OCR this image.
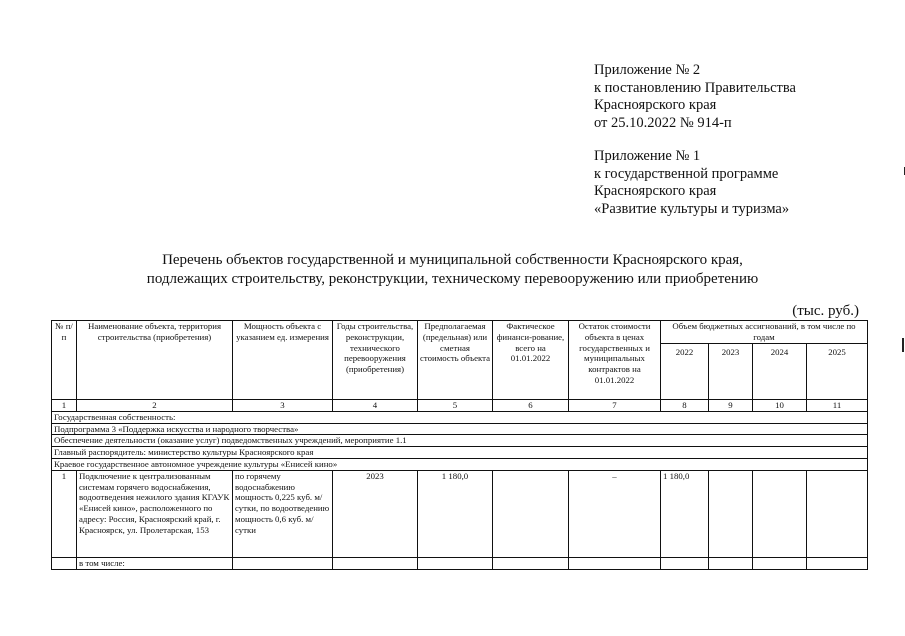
Приложение № 2
к постановлению Правительства
Красноярского края
от 25.10.2022 № 914-п
Приложение № 1
к государственной программе
Красноярского края
«Развитие культуры и туризма»
Перечень объектов государственной и муниципальной собственности Красноярского края,
подлежащих строительству, реконструкции, техническому перевооружению или приобретению
(тыс. руб.)
№ п/п	Наименование объекта, территория строительства (приобретения)	Мощность объекта с указанием ед. измерения	Годы строительства, реконструкции, технического перевооружения (приобретения)	Предполагаемая (предельная) или сметная стоимость объекта	Фактическое финанси-рование, всего на 01.01.2022	Остаток стоимости объекта в ценах государственных и муниципальных контрактов на 01.01.2022	Объем бюджетных ассигнований, в том числе по годам			
							2022	2023	2024	2025
1	2	3	4	5	6	7	8	9	10	11
Государственная собственность:										
Подпрограмма 3 «Поддержка искусства и народного творчества»										
Обеспечение деятельности (оказание услуг) подведомственных учреждений, мероприятие 1.1										
Главный распорядитель: министерство культуры Красноярского края										
Краевое государственное автономное учреждение культуры «Енисей кино»										
1	Подключение к централизованным системам горячего водоснабжения, водоотведения нежилого здания КГАУК «Енисей кино», расположенного по адресу: Россия, Красноярский край, г. Красноярск, ул. Пролетарская, 153	по горячему водоснабжению мощность 0,225 куб. м/сутки, по водоотведению мощность 0,6 куб. м/сутки	2023	1 180,0		–	1 180,0			
	в том числе:									
